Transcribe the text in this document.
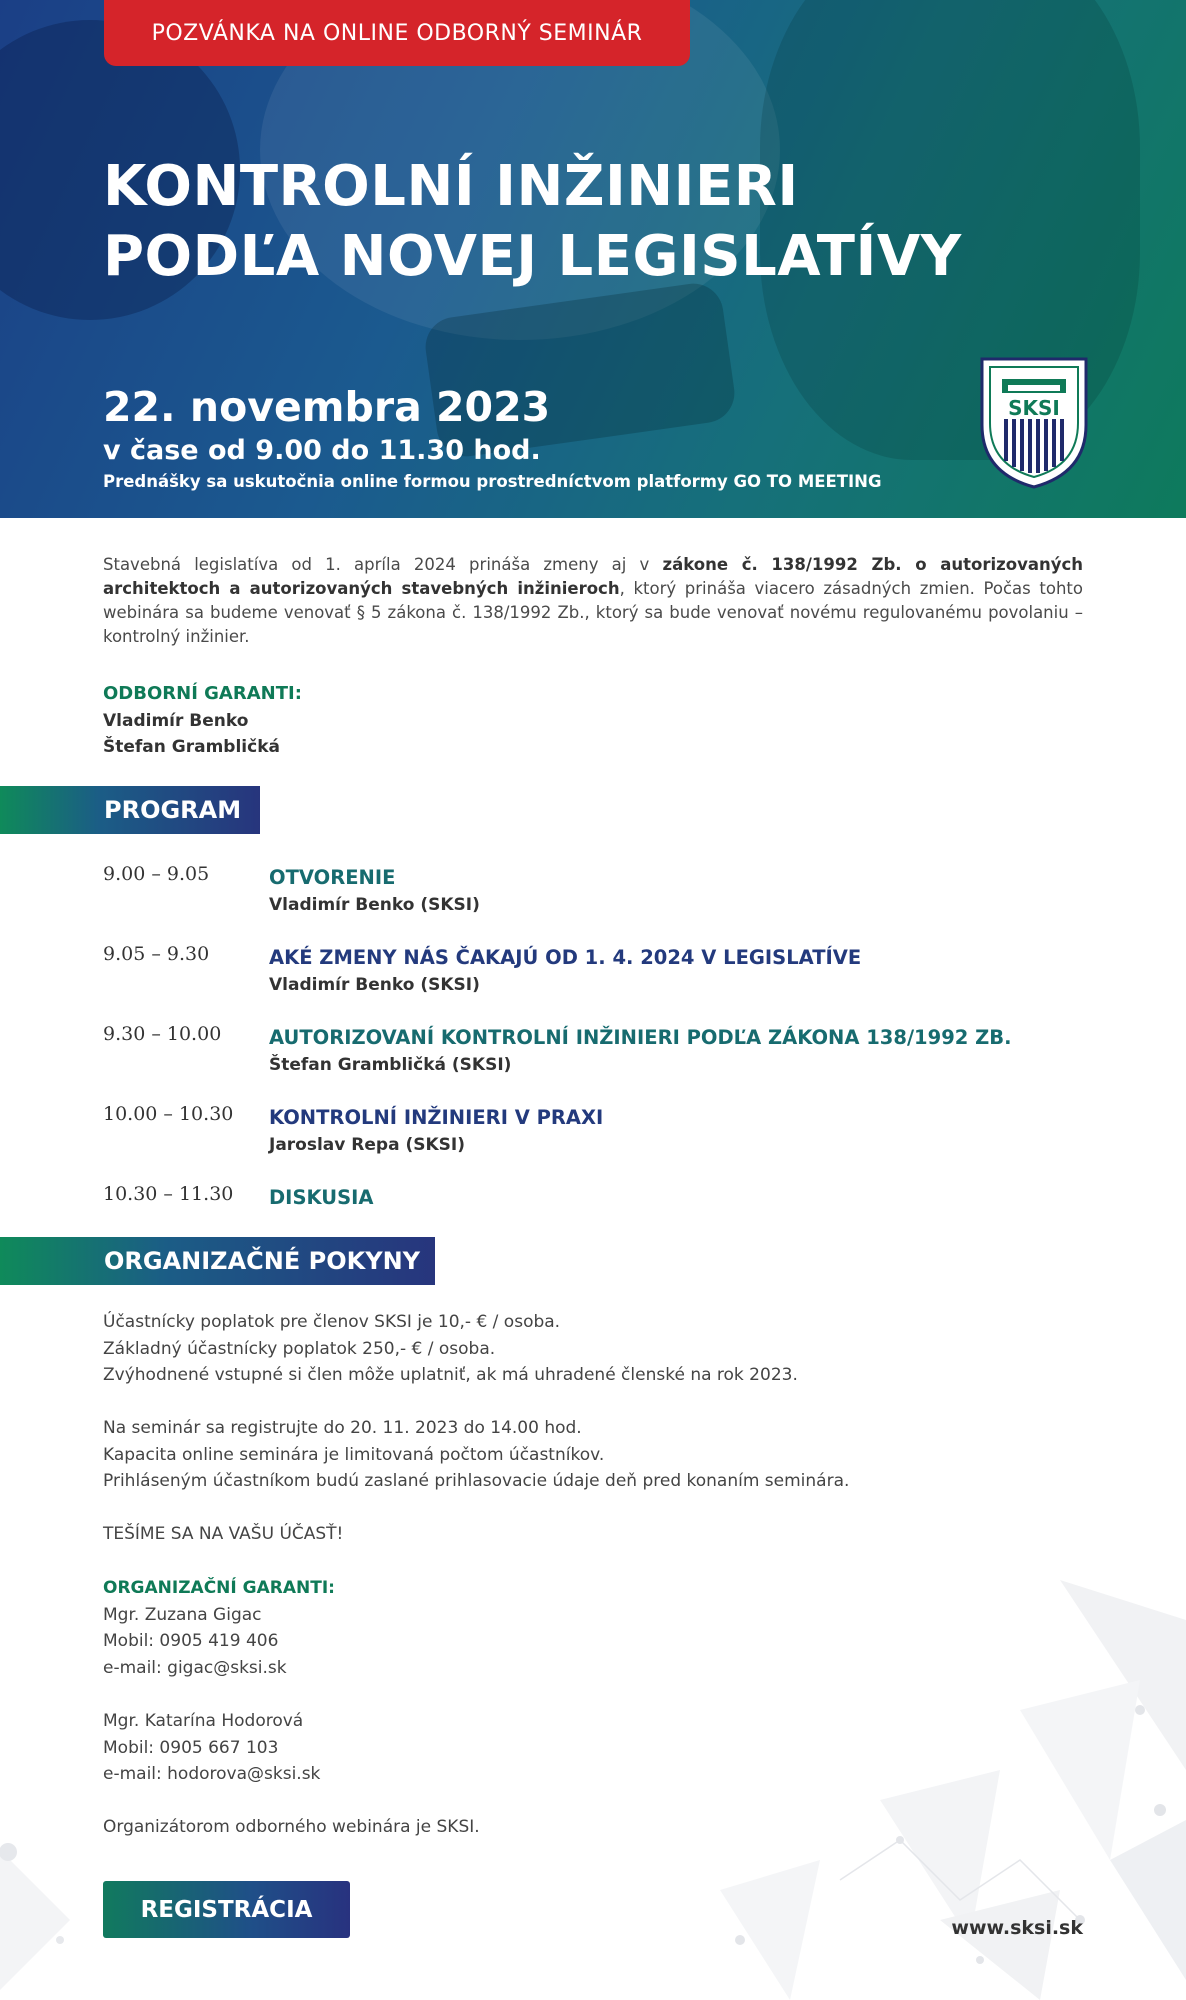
POZVÁNKA NA ONLINE ODBORNÝ SEMINÁR
KONTROLNÍ INŽINIERI
PODĽA NOVEJ LEGISLATÍVY
22. novembra 2023
v čase od 9.00 do 11.30 hod.
Prednášky sa uskutočnia online formou prostredníctvom platformy GO TO MEETING
SKSI
Stavebná legislatíva od 1. apríla 2024 prináša zmeny aj v zákone č. 138/1992 Zb. o autorizovaných architektoch a autorizovaných stavebných inžinieroch, ktorý prináša viacero zásadných zmien. Počas tohto webinára sa budeme venovať § 5 zákona č. 138/1992 Zb., ktorý sa bude venovať novému regulovanému povolaniu – kontrolný inžinier.
ODBORNÍ GARANTI:
Vladimír Benko
Štefan Grambličká
PROGRAM
9.00 – 9.05	OTVORENIE
Vladimír Benko (SKSI)
9.05 – 9.30	AKÉ ZMENY NÁS ČAKAJÚ OD 1. 4. 2024 V LEGISLATÍVE
Vladimír Benko (SKSI)
9.30 – 10.00 AUTORIZOVANÍ KONTROLNÍ INŽINIERI PODĽA ZÁKONA 138/1992 ZB.
Štefan Grambličká (SKSI)
10.00 – 10.30 KONTROLNÍ INŽINIERI V PRAXI
Jaroslav Repa (SKSI)
10.30 – 11.30 DISKUSIA
ORGANIZAČNÉ POKYNY
Účastnícky poplatok pre členov SKSI je 10,- € / osoba.
Základný účastnícky poplatok 250,- € / osoba.
Zvýhodnené vstupné si člen môže uplatniť, ak má uhradené členské na rok 2023.
Na seminár sa registrujte do 20. 11. 2023 do 14.00 hod.
Kapacita online seminára je limitovaná počtom účastníkov.
Prihláseným účastníkom budú zaslané prihlasovacie údaje deň pred konaním seminára.
TEŠÍME SA NA VAŠU ÚČASŤ!
ORGANIZAČNÍ GARANTI:
Mgr. Zuzana Gigac
Mobil: 0905 419 406
e-mail: gigac@sksi.sk
Mgr. Katarína Hodorová
Mobil: 0905 667 103
e-mail: hodorova@sksi.sk
Organizátorom odborného webinára je SKSI.
REGISTRÁCIA
www.sksi.sk
